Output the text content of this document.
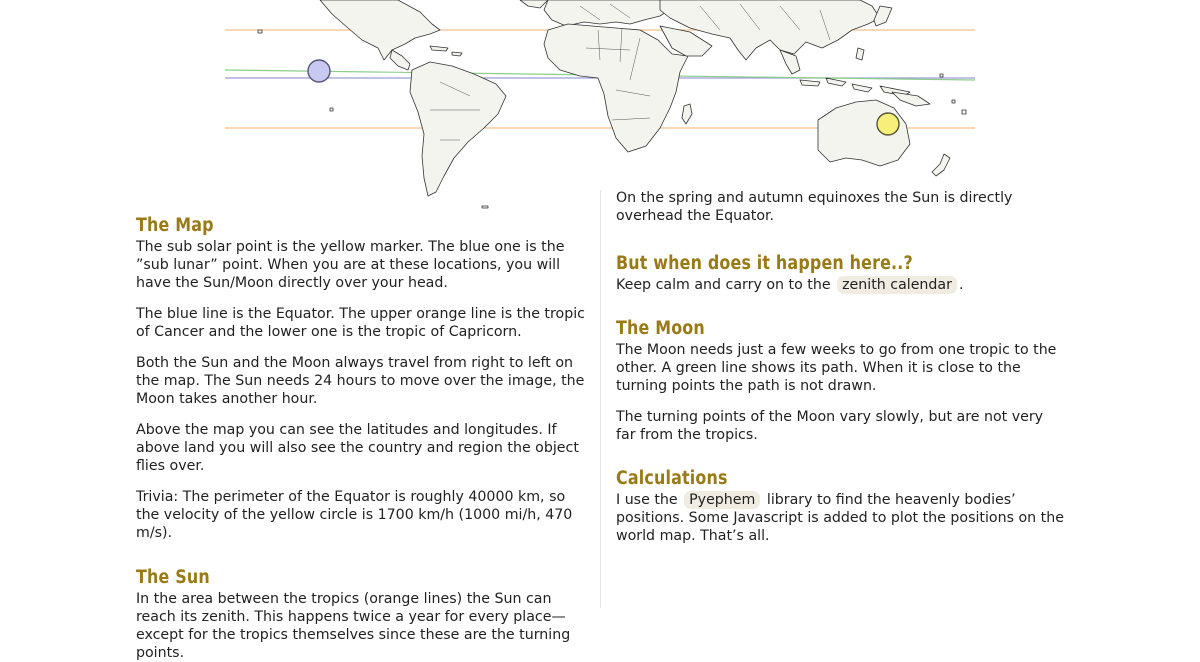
The Map

The sub solar point is the yellow marker. The blue one is the ”sub lunar” point. When you are at these locations, you will have the Sun/Moon directly over your head.

The blue line is the Equator. The upper orange line is the tropic of Cancer and the lower one is the tropic of Capricorn.

Both the Sun and the Moon always travel from right to left on the map. The Sun needs 24 hours to move over the image, the Moon takes another hour.

Above the map you can see the latitudes and longitudes. If above land you will also see the country and region the object flies over.

Trivia: The perimeter of the Equator is roughly 40000 km, so the velocity of the yellow circle is 1700 km/h (1000 mi/h, 470 m/s).

The Sun

In the area between the tropics (orange lines) the Sun can reach its zenith. This happens twice a year for every place—except for the tropics themselves since these are the turning points.

On the spring and autumn equinoxes the Sun is directly overhead the Equator.

But when does it happen here..?

Keep calm and carry on to the zenith calendar .

The Moon

The Moon needs just a few weeks to go from one tropic to the other. A green line shows its path. When it is close to the turning points the path is not drawn.

The turning points of the Moon vary slowly, but are not very far from the tropics.

Calculations

I use the Pyephem library to find the heavenly bodies’ positions. Some Javascript is added to plot the positions on the world map. That’s all.
